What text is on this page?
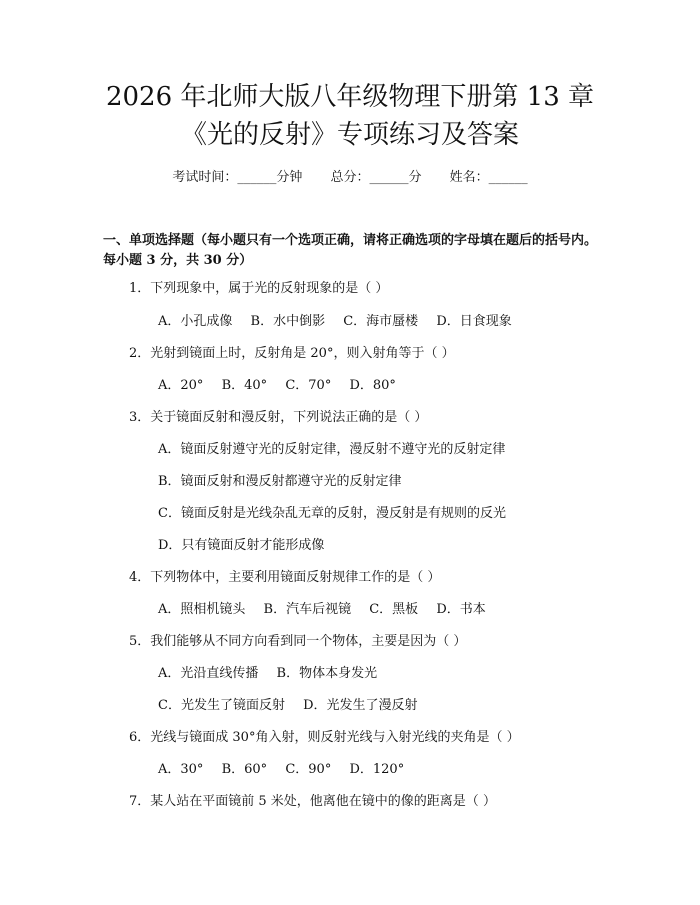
2026 年北师大版八年级物理下册第 13 章
《光的反射》专项练习及答案
考试时间：______分钟 总分：______分 姓名：______
一、单项选择题（每小题只有一个选项正确，请将正确选项的字母填在题后的括号内。每小题 3 分，共 30 分）
1．下列现象中，属于光的反射现象的是（ ）
A．小孔成像 B．水中倒影 C．海市蜃楼 D．日食现象
2．光射到镜面上时，反射角是 20°，则入射角等于（ ）
A．20° B．40° C．70° D．80°
3．关于镜面反射和漫反射，下列说法正确的是（ ）
A．镜面反射遵守光的反射定律，漫反射不遵守光的反射定律
B．镜面反射和漫反射都遵守光的反射定律
C．镜面反射是光线杂乱无章的反射，漫反射是有规则的反光
D．只有镜面反射才能形成像
4．下列物体中，主要利用镜面反射规律工作的是（ ）
A．照相机镜头 B．汽车后视镜 C．黑板 D．书本
5．我们能够从不同方向看到同一个物体，主要是因为（ ）
A．光沿直线传播 B．物体本身发光
C．光发生了镜面反射 D．光发生了漫反射
6．光线与镜面成 30°角入射，则反射光线与入射光线的夹角是（ ）
A．30° B．60° C．90° D．120°
7．某人站在平面镜前 5 米处，他离他在镜中的像的距离是（ ）
